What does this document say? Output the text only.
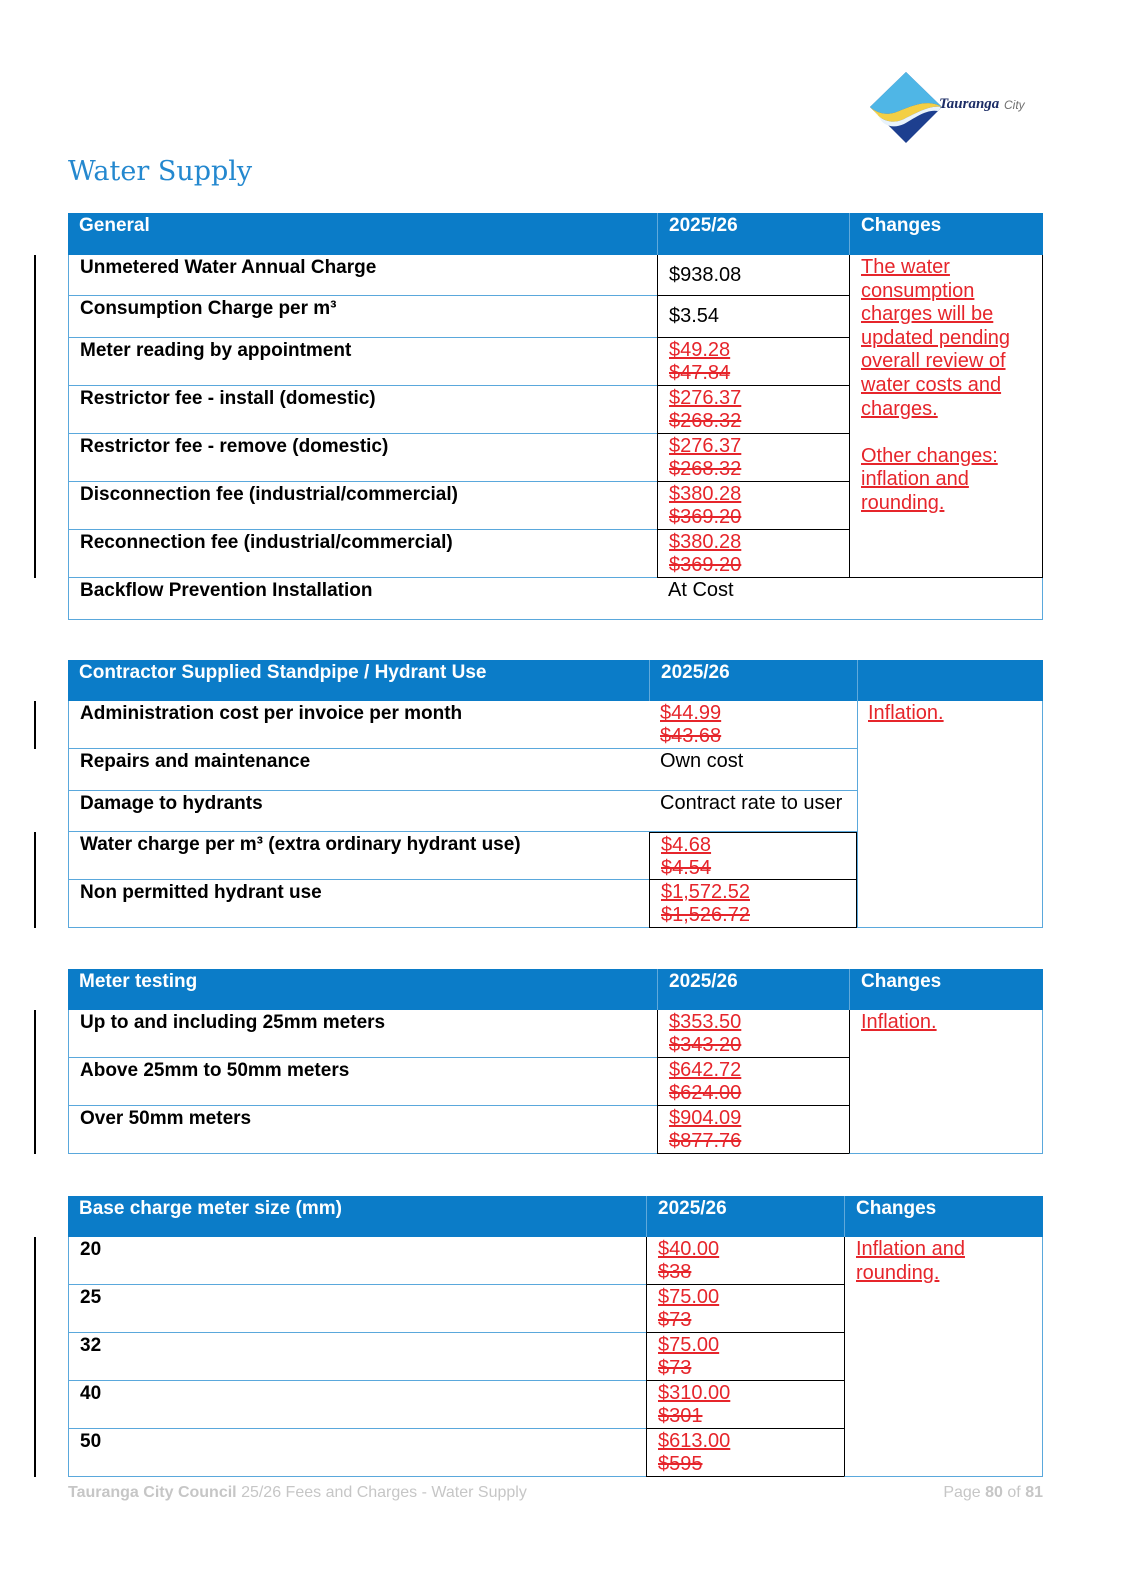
Tauranga City
Water Supply
General	2025/26	Changes
The water consumption charges will be updated pending overall review of water costs and charges.
Other changes: inflation and rounding.
Unmetered Water Annual Charge	$938.08
Consumption Charge per m³	$3.54
Meter reading by appointment	$49.28
$47.84
Restrictor fee - install (domestic)	$276.37
$268.32
Restrictor fee - remove (domestic)	$276.37
$268.32
Disconnection fee (industrial/commercial)	$380.28
$369.20
Reconnection fee (industrial/commercial)	$380.28
$369.20
Backflow Prevention Installation	At Cost
Contractor Supplied Standpipe / Hydrant Use	2025/26
Inflation.
Administration cost per invoice per month	$44.99
$43.68
Repairs and maintenance	Own cost
Damage to hydrants	Contract rate to user
Water charge per m³ (extra ordinary hydrant use)	$4.68
$4.54
Non permitted hydrant use	$1,572.52
$1,526.72
Meter testing	2025/26	Changes
Inflation.
Up to and including 25mm meters	$353.50
$343.20
Above 25mm to 50mm meters	$642.72
$624.00
Over 50mm meters	$904.09
$877.76
Base charge meter size (mm)	2025/26	Changes
Inflation and rounding.
20	$40.00
$38
25	$75.00
$73
32	$75.00
$73
40	$310.00
$301
50	$613.00
$595
Tauranga City Council 25/26 Fees and Charges - Water Supply	Page 80 of 81
